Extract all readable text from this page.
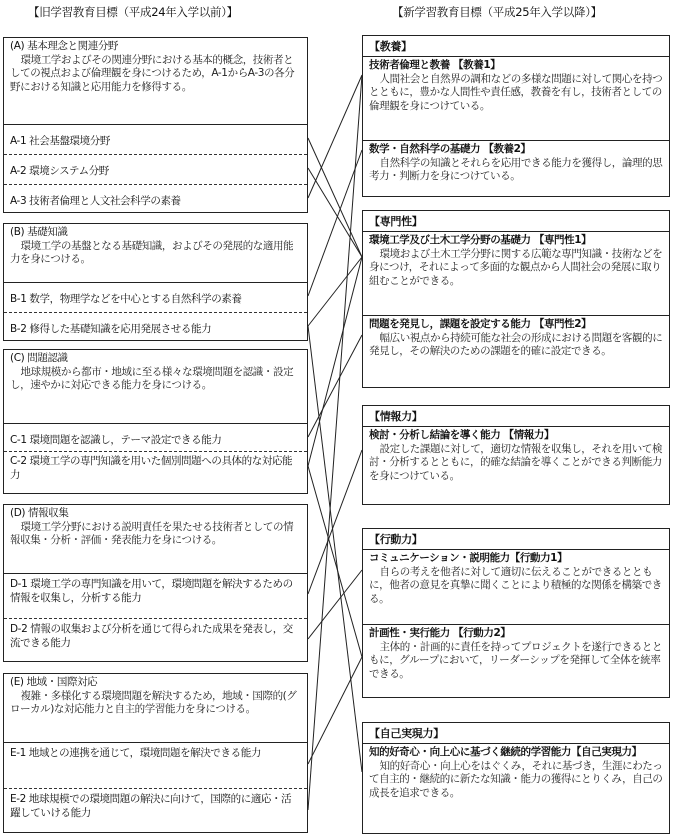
【旧学習教育目標（平成24年入学以前）】	【新学習教育目標（平成25年入学以降）】
(A) 基本理念と関連分野
環境工学およびその関連分野における基本的概念，技術者としての視点および倫理観を身につけるため，A-1からA-3の各分野における知識と応用能力を修得する。
A-1 社会基盤環境分野
A-2 環境システム分野
A-3 技術者倫理と人文社会科学の素養
(B) 基礎知識
環境工学の基盤となる基礎知識，およびその発展的な適用能力を身につける。
B-1 数学，物理学などを中心とする自然科学の素養
B-2 修得した基礎知識を応用発展させる能力
(C) 問題認識
地球規模から都市・地域に至る様々な環境問題を認識・設定し，速やかに対応できる能力を身につける。
C-1 環境問題を認識し，テーマ設定できる能力
C-2 環境工学の専門知識を用いた個別問題への具体的な対応能力
(D) 情報収集
環境工学分野における説明責任を果たせる技術者としての情報収集・分析・評価・発表能力を身につける。
D-1 環境工学の専門知識を用いて，環境問題を解決するための情報を収集し，分析する能力
D-2 情報の収集および分析を通じて得られた成果を発表し，交流できる能力
(E) 地域・国際対応
複雑・多様化する環境問題を解決するため，地域・国際的(グローカル)な対応能力と自主的学習能力を身につける。
E-1 地域との連携を通じて，環境問題を解決できる能力
E-2 地球規模での環境問題の解決に向けて，国際的に適応・活躍していける能力
【教養】
技術者倫理と教養 【教養1】
人間社会と自然界の調和などの多様な問題に対して関心を持つとともに，豊かな人間性や責任感，教養を有し，技術者としての倫理観を身につけている。
数学・自然科学の基礎力 【教養2】
自然科学の知識とそれらを応用できる能力を獲得し，論理的思考力・判断力を身につけている。
【専門性】
環境工学及び土木工学分野の基礎力 【専門性1】
環境および土木工学分野に関する広範な専門知識・技術などを身につけ，それによって多面的な観点から人間社会の発展に取り組むことができる。
問題を発見し，課題を設定する能力 【専門性2】
幅広い視点から持続可能な社会の形成における問題を客観的に発見し，その解決のための課題を的確に設定できる。
【情報力】
検討・分析し結論を導く能力 【情報力】
設定した課題に対して，適切な情報を収集し，それを用いて検討・分析するとともに，的確な結論を導くことができる判断能力を身につけている。
【行動力】
コミュニケーション・説明能力【行動力1】
自らの考えを他者に対して適切に伝えることができるとともに，他者の意見を真摯に聞くことにより積極的な関係を構築できる。
計画性・実行能力 【行動力2】
主体的・計画的に責任を持ってプロジェクトを遂行できるとともに，グループにおいて，リーダーシップを発揮して全体を統率できる。
【自己実現力】
知的好奇心・向上心に基づく継続的学習能力【自己実現力】
知的好奇心・向上心をはぐくみ，それに基づき，生涯にわたって自主的・継続的に新たな知識・能力の獲得にとりくみ，自己の成長を追求できる。
